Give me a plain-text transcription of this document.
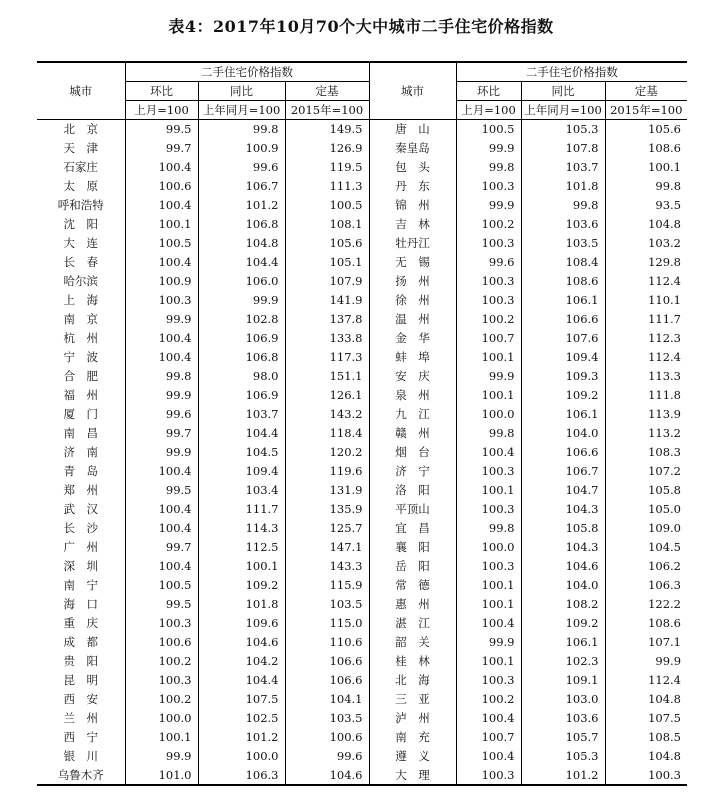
表4：2017年10月70个大中城市二手住宅价格指数
城市	二手住宅价格指数			城市	二手住宅价格指数		
	环比	同比	定基		环比	同比	定基
	上月=100	上年同月=100	2015年=100		上月=100	上年同月=100	2015年=100
北　京	99.5	99.8	149.5	唐　山	100.5	105.3	105.6
天　津	99.7	100.9	126.9	秦皇岛	99.9	107.8	108.6
石家庄	100.4	99.6	119.5	包　头	99.8	103.7	100.1
太　原	100.6	106.7	111.3	丹　东	100.3	101.8	99.8
呼和浩特	100.4	101.2	100.5	锦　州	99.9	99.8	93.5
沈　阳	100.1	106.8	108.1	吉　林	100.2	103.6	104.8
大　连	100.5	104.8	105.6	牡丹江	100.3	103.5	103.2
长　春	100.4	104.4	105.1	无　锡	99.6	108.4	129.8
哈尔滨	100.9	106.0	107.9	扬　州	100.3	108.6	112.4
上　海	100.3	99.9	141.9	徐　州	100.3	106.1	110.1
南　京	99.9	102.8	137.8	温　州	100.2	106.6	111.7
杭　州	100.4	106.9	133.8	金　华	100.7	107.6	112.3
宁　波	100.4	106.8	117.3	蚌　埠	100.1	109.4	112.4
合　肥	99.8	98.0	151.1	安　庆	99.9	109.3	113.3
福　州	99.9	106.9	126.1	泉　州	100.1	109.2	111.8
厦　门	99.6	103.7	143.2	九　江	100.0	106.1	113.9
南　昌	99.7	104.4	118.4	赣　州	99.8	104.0	113.2
济　南	99.9	104.5	120.2	烟　台	100.4	106.6	108.3
青　岛	100.4	109.4	119.6	济　宁	100.3	106.7	107.2
郑　州	99.5	103.4	131.9	洛　阳	100.1	104.7	105.8
武　汉	100.4	111.7	135.9	平顶山	100.3	104.3	105.0
长　沙	100.4	114.3	125.7	宜　昌	99.8	105.8	109.0
广　州	99.7	112.5	147.1	襄　阳	100.0	104.3	104.5
深　圳	100.4	100.1	143.3	岳　阳	100.3	104.6	106.2
南　宁	100.5	109.2	115.9	常　德	100.1	104.0	106.3
海　口	99.5	101.8	103.5	惠　州	100.1	108.2	122.2
重　庆	100.3	109.6	115.0	湛　江	100.4	109.2	108.6
成　都	100.6	104.6	110.6	韶　关	99.9	106.1	107.1
贵　阳	100.2	104.2	106.6	桂　林	100.1	102.3	99.9
昆　明	100.3	104.4	106.6	北　海	100.3	109.1	112.4
西　安	100.2	107.5	104.1	三　亚	100.2	103.0	104.8
兰　州	100.0	102.5	103.5	泸　州	100.4	103.6	107.5
西　宁	100.1	101.2	100.6	南　充	100.7	105.7	108.5
银　川	99.9	100.0	99.6	遵　义	100.4	105.3	104.8
乌鲁木齐	101.0	106.3	104.6	大　理	100.3	101.2	100.3
